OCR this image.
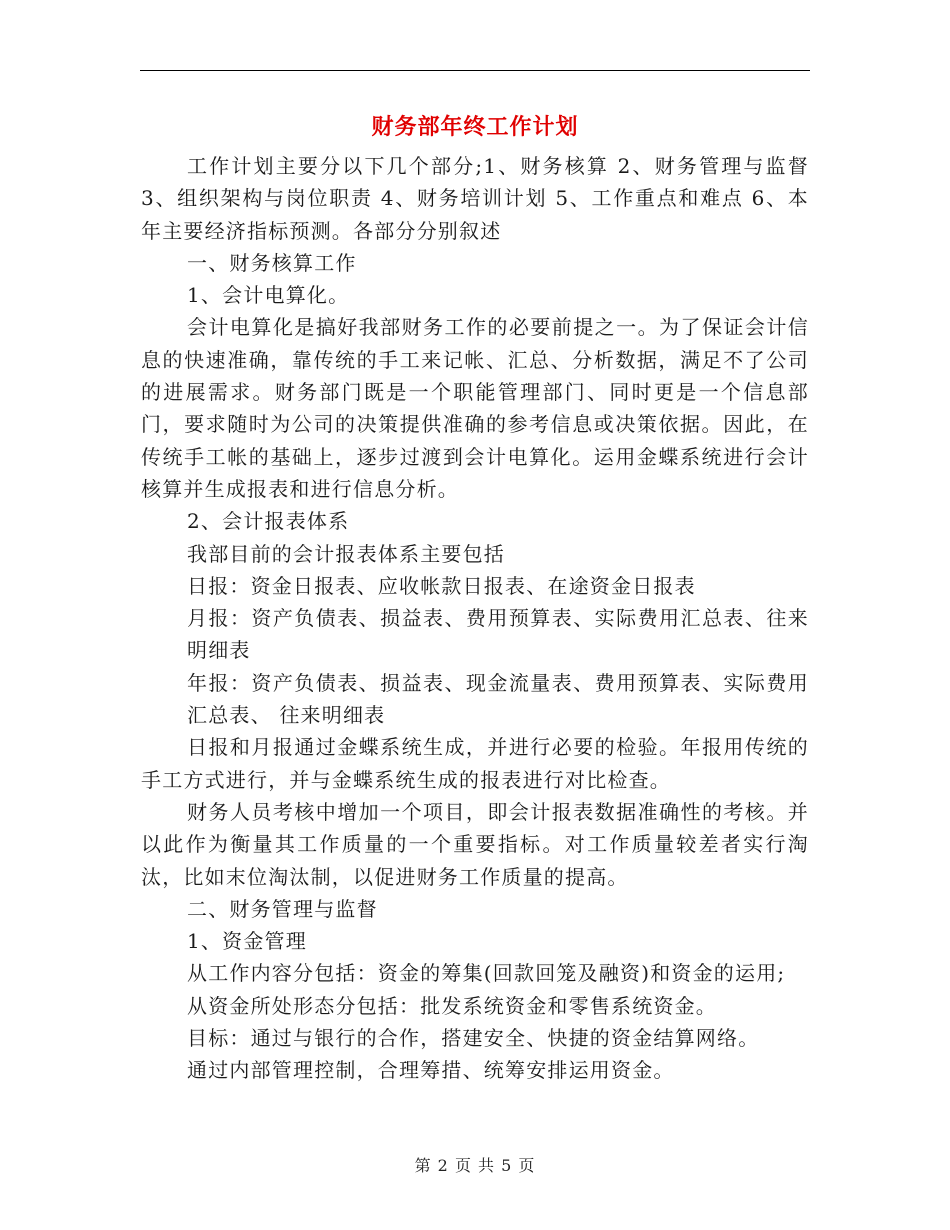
财务部年终工作计划

工作计划主要分以下几个部分;1、财务核算 2、财务管理与监督 3、组织架构与岗位职责 4、财务培训计划 5、工作重点和难点 6、本年主要经济指标预测。各部分分别叙述

一、财务核算工作

1、会计电算化。

会计电算化是搞好我部财务工作的必要前提之一。为了保证会计信息的快速准确，靠传统的手工来记帐、汇总、分析数据，满足不了公司的进展需求。财务部门既是一个职能管理部门、同时更是一个信息部门，要求随时为公司的决策提供准确的参考信息或决策依据。因此，在传统手工帐的基础上，逐步过渡到会计电算化。运用金蝶系统进行会计核算并生成报表和进行信息分析。

2、会计报表体系

我部目前的会计报表体系主要包括

日报：资金日报表、应收帐款日报表、在途资金日报表

月报：资产负债表、损益表、费用预算表、实际费用汇总表、往来明细表

年报：资产负债表、损益表、现金流量表、费用预算表、实际费用汇总表、 往来明细表

日报和月报通过金蝶系统生成，并进行必要的检验。年报用传统的手工方式进行，并与金蝶系统生成的报表进行对比检查。

财务人员考核中增加一个项目，即会计报表数据准确性的考核。并以此作为衡量其工作质量的一个重要指标。对工作质量较差者实行淘汰，比如末位淘汰制，以促进财务工作质量的提高。

二、财务管理与监督

1、资金管理

从工作内容分包括：资金的筹集(回款回笼及融资)和资金的运用;

从资金所处形态分包括：批发系统资金和零售系统资金。

目标：通过与银行的合作，搭建安全、快捷的资金结算网络。

通过内部管理控制，合理筹措、统筹安排运用资金。

第 2 页 共 5 页
